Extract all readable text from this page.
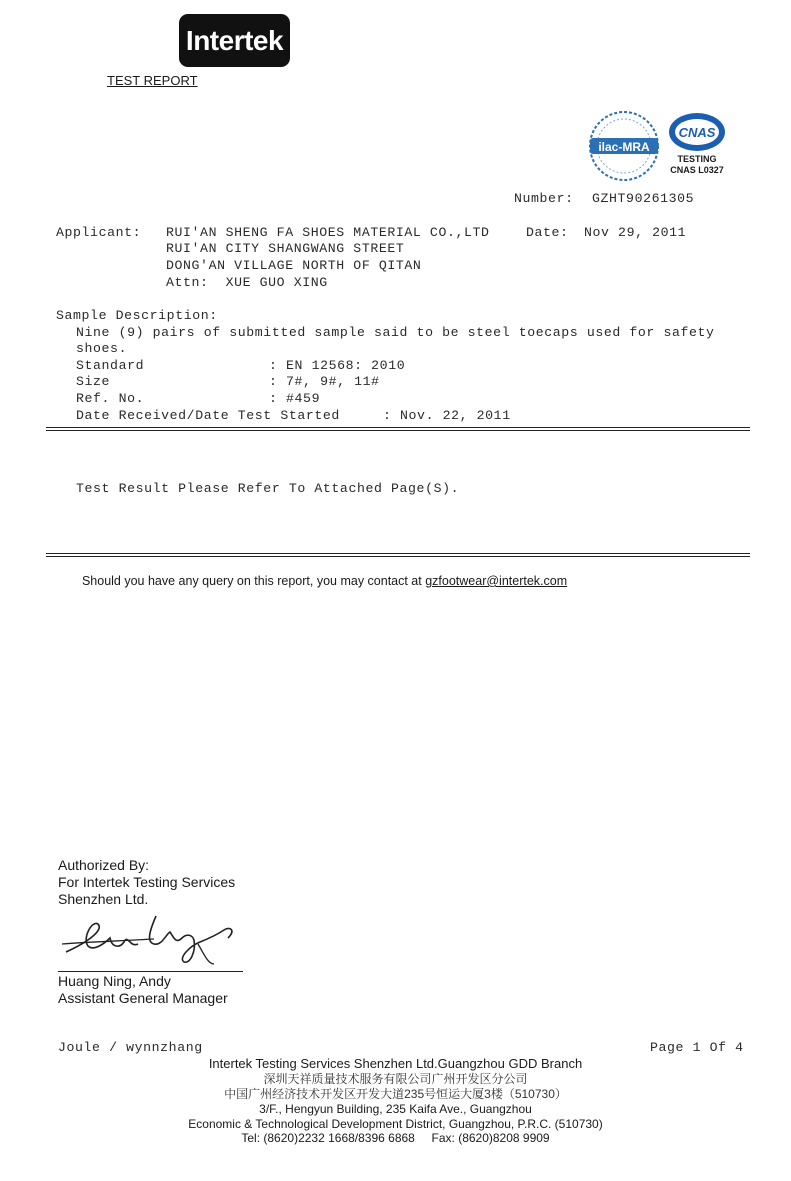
Intertek
TEST REPORT
ilac-MRA
CNAS
TESTING
CNAS L0327
Number: GZHT90261305
Applicant: RUI'AN SHENG FA SHOES MATERIAL CO.,LTD	Date: Nov 29, 2011
RUI'AN CITY SHANGWANG STREET
DONG'AN VILLAGE NORTH OF QITAN
Attn:  XUE GUO XING
Sample Description:
Nine (9) pairs of submitted sample said to be steel toecaps used for safety
shoes.
Standard	: EN 12568: 2010
Size	: 7#, 9#, 11#
Ref. No.	: #459
Date Received/Date Test Started	: Nov. 22, 2011
Test Result Please Refer To Attached Page(S).

Should you have any query on this report, you may contact at gzfootwear@intertek.com

Authorized By:
For Intertek Testing Services
Shenzhen Ltd.
Huang Ning, Andy
Assistant General Manager
Joule / wynnzhang	Page 1 Of 4
Intertek Testing Services Shenzhen Ltd.Guangzhou GDD Branch
深圳天祥质量技术服务有限公司广州开发区分公司
中国广州经济技术开发区开发大道235号恒运大厦3楼（510730）
3/F., Hengyun Building, 235 Kaifa Ave., Guangzhou
Economic & Technological Development District, Guangzhou, P.R.C. (510730)
Tel: (8620)2232 1668/8396 6868     Fax: (8620)8208 9909
